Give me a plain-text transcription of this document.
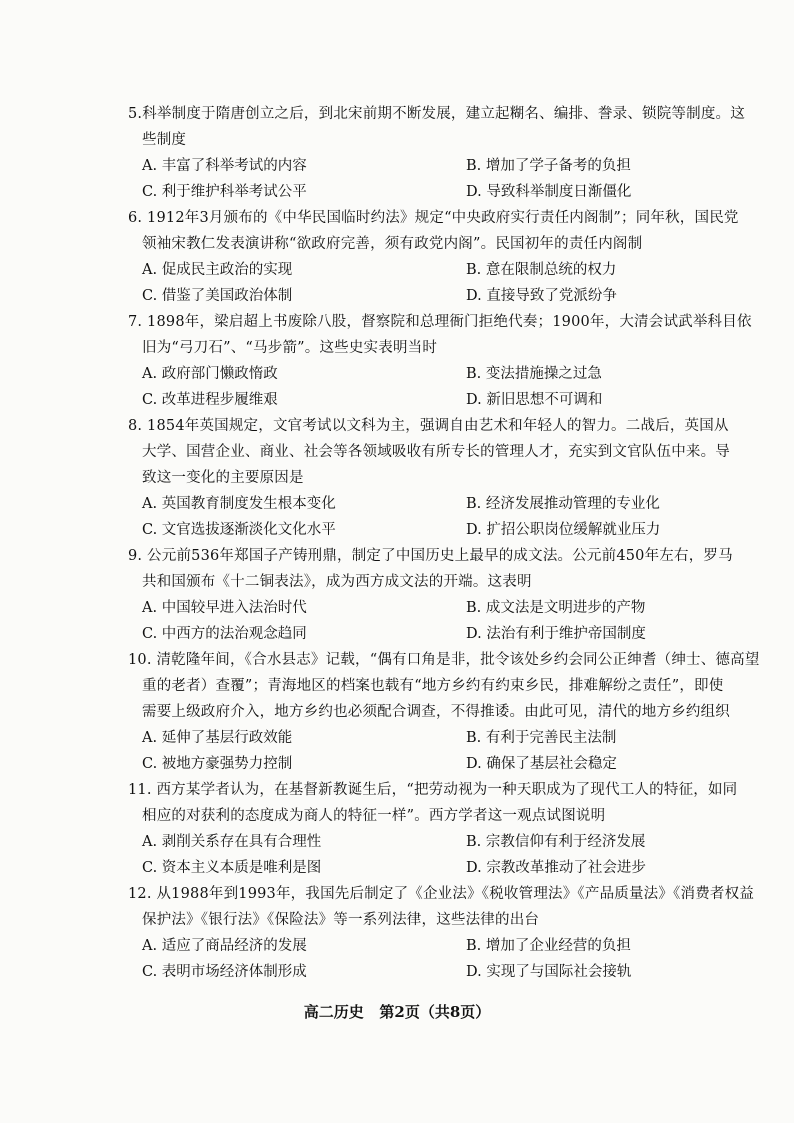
5.科举制度于隋唐创立之后，到北宋前期不断发展，建立起糊名、编排、誊录、锁院等制度。这
些制度
A. 丰富了科举考试的内容	B. 增加了学子备考的负担
C. 利于维护科举考试公平	D. 导致科举制度日渐僵化
6. 1912年3月颁布的《中华民国临时约法》规定“中央政府实行责任内阁制”；同年秋，国民党
领袖宋教仁发表演讲称“欲政府完善，须有政党内阁”。民国初年的责任内阁制
A. 促成民主政治的实现	B. 意在限制总统的权力
C. 借鉴了美国政治体制	D. 直接导致了党派纷争
7. 1898年，梁启超上书废除八股，督察院和总理衙门拒绝代奏；1900年，大清会试武举科目依
旧为“弓刀石”、“马步箭”。这些史实表明当时
A. 政府部门懒政惰政	B. 变法措施操之过急
C. 改革进程步履维艰	D. 新旧思想不可调和
8. 1854年英国规定，文官考试以文科为主，强调自由艺术和年轻人的智力。二战后，英国从
大学、国营企业、商业、社会等各领域吸收有所专长的管理人才，充实到文官队伍中来。导
致这一变化的主要原因是
A. 英国教育制度发生根本变化	B. 经济发展推动管理的专业化
C. 文官选拔逐渐淡化文化水平	D. 扩招公职岗位缓解就业压力
9. 公元前536年郑国子产铸刑鼎，制定了中国历史上最早的成文法。公元前450年左右，罗马
共和国颁布《十二铜表法》，成为西方成文法的开端。这表明
A. 中国较早进入法治时代	B. 成文法是文明进步的产物
C. 中西方的法治观念趋同	D. 法治有利于维护帝国制度
10. 清乾隆年间，《合水县志》记载，“偶有口角是非，批令该处乡约会同公正绅耆（绅士、德高望
重的老者）查覆”；青海地区的档案也载有“地方乡约有约束乡民，排难解纷之责任”，即使
需要上级政府介入，地方乡约也必须配合调查，不得推诿。由此可见，清代的地方乡约组织
A. 延伸了基层行政效能	B. 有利于完善民主法制
C. 被地方豪强势力控制	D. 确保了基层社会稳定
11. 西方某学者认为，在基督新教诞生后，“把劳动视为一种天职成为了现代工人的特征，如同
相应的对获利的态度成为商人的特征一样”。西方学者这一观点试图说明
A. 剥削关系存在具有合理性	B. 宗教信仰有利于经济发展
C. 资本主义本质是唯利是图	D. 宗教改革推动了社会进步
12. 从1988年到1993年，我国先后制定了《企业法》《税收管理法》《产品质量法》《消费者权益
保护法》《银行法》《保险法》等一系列法律，这些法律的出台
A. 适应了商品经济的发展	B. 增加了企业经营的负担
C. 表明市场经济体制形成	D. 实现了与国际社会接轨
高二历史   第2页（共8页）
